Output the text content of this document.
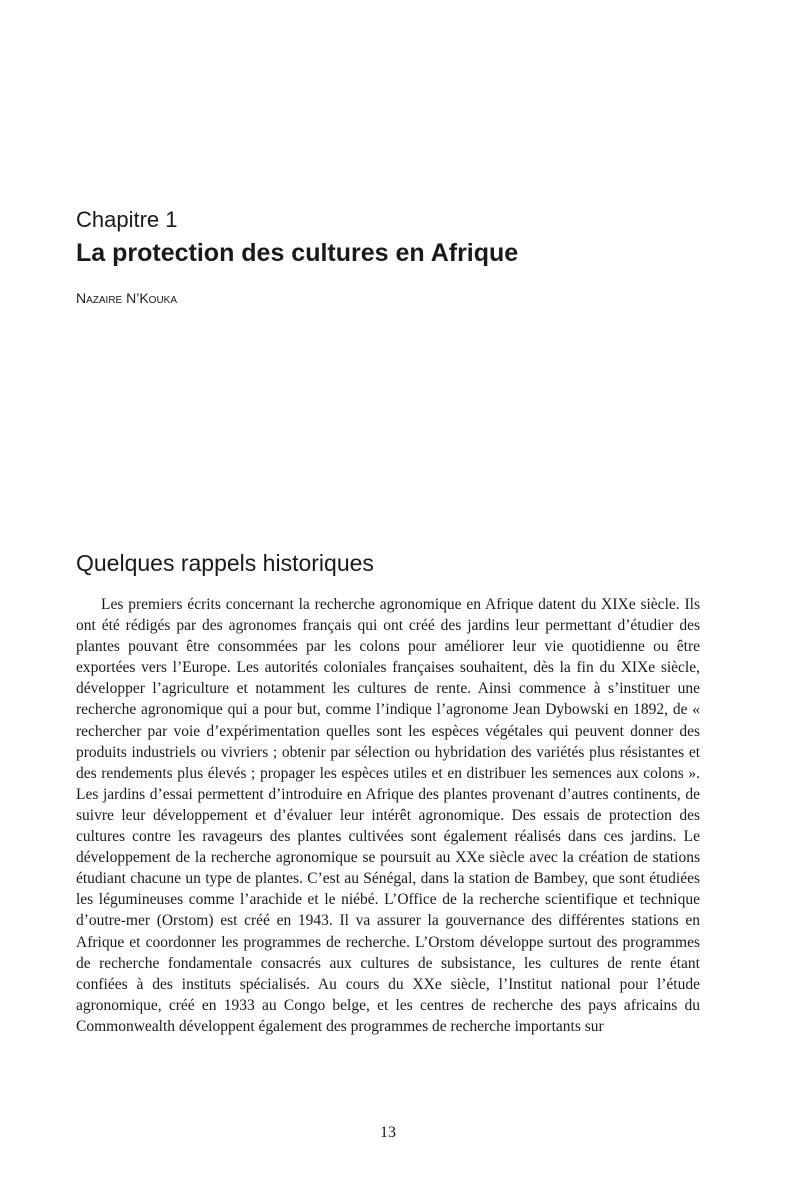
Chapitre 1
La protection des cultures en Afrique

Nazaire N’Kouka

Quelques rappels historiques

Les premiers écrits concernant la recherche agronomique en Afrique datent du XIXe siècle. Ils ont été rédigés par des agronomes français qui ont créé des jardins leur permettant d’étudier des plantes pouvant être consommées par les colons pour améliorer leur vie quotidienne ou être exportées vers l’Europe. Les autorités coloniales françaises souhaitent, dès la fin du XIXe siècle, développer l’agriculture et notamment les cultures de rente. Ainsi commence à s’instituer une recherche agronomique qui a pour but, comme l’indique l’agronome Jean Dybowski en 1892, de « rechercher par voie d’expérimentation quelles sont les espèces végétales qui peuvent donner des produits industriels ou vivriers ; obtenir par sélection ou hybridation des variétés plus résistantes et des rendements plus élevés ; propager les espèces utiles et en distribuer les semences aux colons ». Les jardins d’essai permettent d’introduire en Afrique des plantes provenant d’autres continents, de suivre leur développement et d’évaluer leur intérêt agronomique. Des essais de protection des cultures contre les ravageurs des plantes cultivées sont également réalisés dans ces jardins. Le développement de la recherche agronomique se poursuit au XXe siècle avec la création de stations étudiant chacune un type de plantes. C’est au Sénégal, dans la station de Bambey, que sont étudiées les légumineuses comme l’arachide et le niébé. L’Office de la recherche scientifique et technique d’outre-mer (Orstom) est créé en 1943. Il va assurer la gouvernance des différentes stations en Afrique et coordonner les programmes de recherche. L’Orstom développe surtout des programmes de recherche fondamentale consacrés aux cultures de subsistance, les cultures de rente étant confiées à des instituts spécialisés. Au cours du XXe siècle, l’Institut national pour l’étude agronomique, créé en 1933 au Congo belge, et les centres de recherche des pays africains du Commonwealth développent également des programmes de recherche importants sur

13
